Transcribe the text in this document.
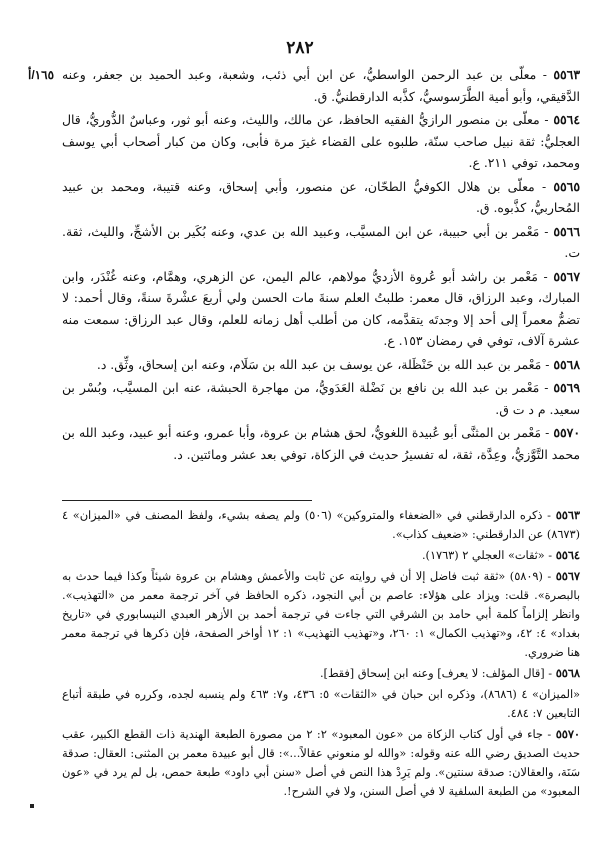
٢٨٢
١٦٥/أ	٥٥٦٣ - معلّى بن عبد الرحمن الواسطيُّ، عن ابن أبي ذئب، وشعبة، وعبد الحميد بن جعفر، وعنه الدَّقيقي، وأبو أمية الطَّرَسوسيُّ، كذَّبه الدارقطنيُّ. ق.

٥٥٦٤ - معلّى بن منصور الرازيُّ الفقيه الحافظ، عن مالك، والليث، وعنه أبو ثور، وعباسٌ الدُّوريُّ، قال العجليُّ: ثقة نبيل صاحب سنّة، طلبوه على القضاء غيرَ مرة فأبى، وكان من كبار أصحاب أبي يوسف ومحمد، توفي ٢١١. ع.

٥٥٦٥ - معلّى بن هلال الكوفيُّ الطحّان، عن منصور، وأبي إسحاق، وعنه قتيبة، ومحمد بن عبيد المُحاربيُّ، كذَّبوه. ق.

٥٥٦٦ - مَعْمر بن أبي حبيبة، عن ابن المسيَّب، وعبيد الله بن عدي، وعنه بُكَير بن الأشجِّ، والليث، ثقة. ت.

٥٥٦٧ - مَعْمر بن راشد أبو عُروة الأزديُّ مولاهم، عالم اليمن، عن الزهري، وهمَّام، وعنه غُنْدَر، وابن المبارك، وعبد الرزاق، قال معمر: طلبتُ العلم سنةَ مات الحسن ولي أربعَ عشْرةَ سنةً، وقال أحمد: لا تضمُّ معمراً إلى أحد إلا وجدتَه يتقدَّمه، كان من أطلب أهل زمانه للعلم، وقال عبد الرزاق: سمعت منه عشرة آلاف، توفي في رمضان ١٥٣. ع.

٥٥٦٨ - مَعْمر بن عبد الله بن حَنْظَلة، عن يوسف بن عبد الله بن سَلَام، وعنه ابن إسحاق، وثِّق. د.

٥٥٦٩ - مَعْمر بن عبد الله بن نافع بن نَضْلة العَدَويُّ، من مهاجرة الحبشة، عنه ابن المسيَّب، وبُسْر بن سعيد. م د ت ق.

٥٥٧٠ - مَعْمر بن المثنَّى أبو عُبيدة اللغويُّ، لحق هشام بن عروة، وأبا عمرو، وعنه أبو عبيد، وعبد الله بن محمد التَّوَّزيُّ، وعِدَّة، ثقة، له تفسيرُ حديث في الزكاة، توفي بعد عشر ومائتين. د.

٥٥٦٣ - ذكره الدارقطني في «الضعفاء والمتروكين» (٥٠٦) ولم يصفه بشيء، ولفظ المصنف في «الميزان» ٤ (٨٦٧٣) عن الدارقطني: «ضعيف كذاب».

٥٥٦٤ - «ثقات» العجلي ٢ (١٧٦٣).

٥٥٦٧ - (٥٨٠٩) «ثقة ثبت فاضل إلا أن في روايته عن ثابت والأعمش وهشام بن عروة شيئاً وكذا فيما حدث به بالبصرة». قلت: ويزاد على هؤلاء: عاصم بن أبي النجود، ذكره الحافظ في آخر ترجمة معمر من «التهذيب». وانظر إلزاماً كلمة أبي حامد بن الشرقي التي جاءت في ترجمة أحمد بن الأزهر العبدي النيسابوري في «تاريخ بغداد» ٤: ٤٢، و«تهذيب الكمال» ١: ٢٦٠، و«تهذيب التهذيب» ١: ١٢ أواخر الصفحة، فإن ذكرها في ترجمة معمر هنا ضروري.

٥٥٦٨ - [قال المؤلف: لا يعرف] وعنه ابن إسحاق [فقط].

«الميزان» ٤ (٨٦٨٦)، وذكره ابن حبان في «الثقات» ٥: ٤٣٦، و٧: ٤٦٣ ولم ينسبه لجده، وكرره في طبقة أتباع التابعين ٧: ٤٨٤.

٥٥٧٠ - جاء في أول كتاب الزكاة من «عون المعبود» ٢: ٢ من مصورة الطبعة الهندية ذات القطع الكبير، عقب حديث الصديق رضي الله عنه وقوله: «والله لو منعوني عقالاً...»: قال أبو عبيدة معمر بن المثنى: العقال: صدقة سَنَة، والعقالان: صدقة سنتين». ولم يَرِدْ هذا النص في أصل «سنن أبي داود» طبعة حمص، بل لم يرد في «عون المعبود» من الطبعة السلفية لا في أصل السنن، ولا في الشرح!.
